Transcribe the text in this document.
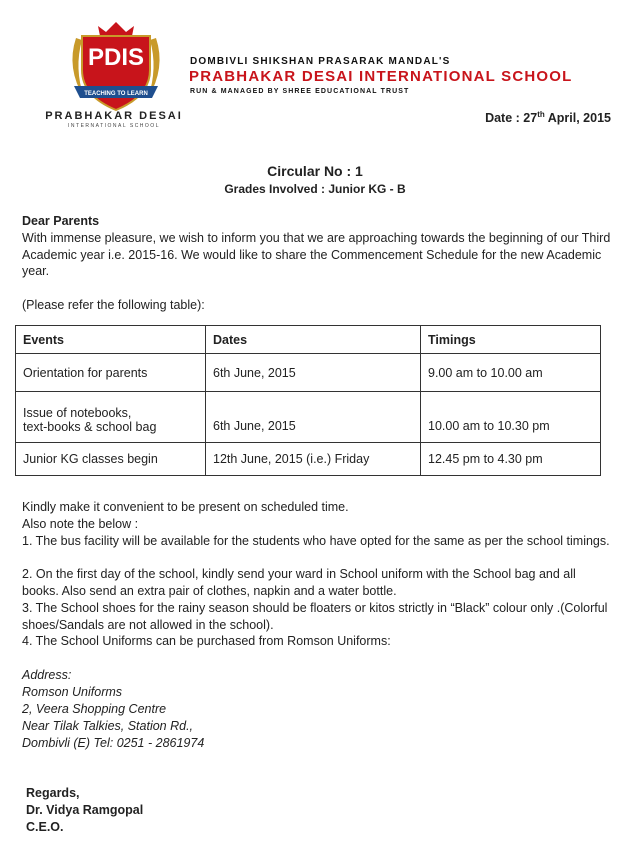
PDIS
TEACHING TO LEARN
PRABHAKAR DESAI
INTERNATIONAL SCHOOL
DOMBIVLI SHIKSHAN PRASARAK MANDAL'S
PRABHAKAR DESAI INTERNATIONAL SCHOOL
RUN & MANAGED BY SHREE EDUCATIONAL TRUST
Date : 27th April, 2015
Circular No : 1
Grades Involved : Junior KG - B
Dear Parents
With immense pleasure, we wish to inform you that we are approaching towards the beginning of our Third Academic year i.e. 2015-16. We would like to share the Commencement Schedule for the new Academic year.
(Please refer the following table):
Events	Dates	Timings
Orientation for parents	6th June, 2015	9.00 am to 10.00 am

Issue of notebooks,
text-books & school bag	6th June, 2015	10.00 am to 10.30 pm

Junior KG classes begin	12th June, 2015 (i.e.) Friday	12.45 pm to 4.30 pm
Kindly make it convenient to be present on scheduled time.
Also note the below :
1. The bus facility will be available for the students who have opted for the same as per the school timings.
2. On the first day of the school, kindly send your ward in School uniform with the School bag and all books. Also send an extra pair of clothes, napkin and a water bottle.
3. The School shoes for the rainy season should be floaters or kitos strictly in “Black” colour only .(Colorful shoes/Sandals are not allowed in the school).
4. The School Uniforms can be purchased from Romson Uniforms:
Address:
Romson Uniforms
2, Veera Shopping Centre
Near Tilak Talkies, Station Rd.,
Dombivli (E) Tel: 0251 - 2861974
Regards,
Dr. Vidya Ramgopal
C.E.O.
